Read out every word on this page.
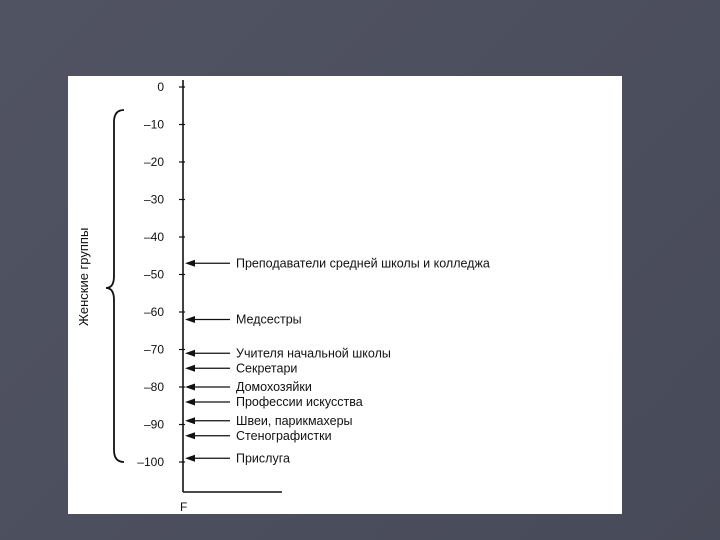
F
0
–10
–20
–30
–40
–50
–60
–70
–80
–90
–100
Женские группы	Преподаватели средней школы и колледжа
Медсестры
Учителя начальной школы
Секретари
Домохозяйки
Профессии искусства
Швеи, парикмахеры
Стенографистки
Прислуга
